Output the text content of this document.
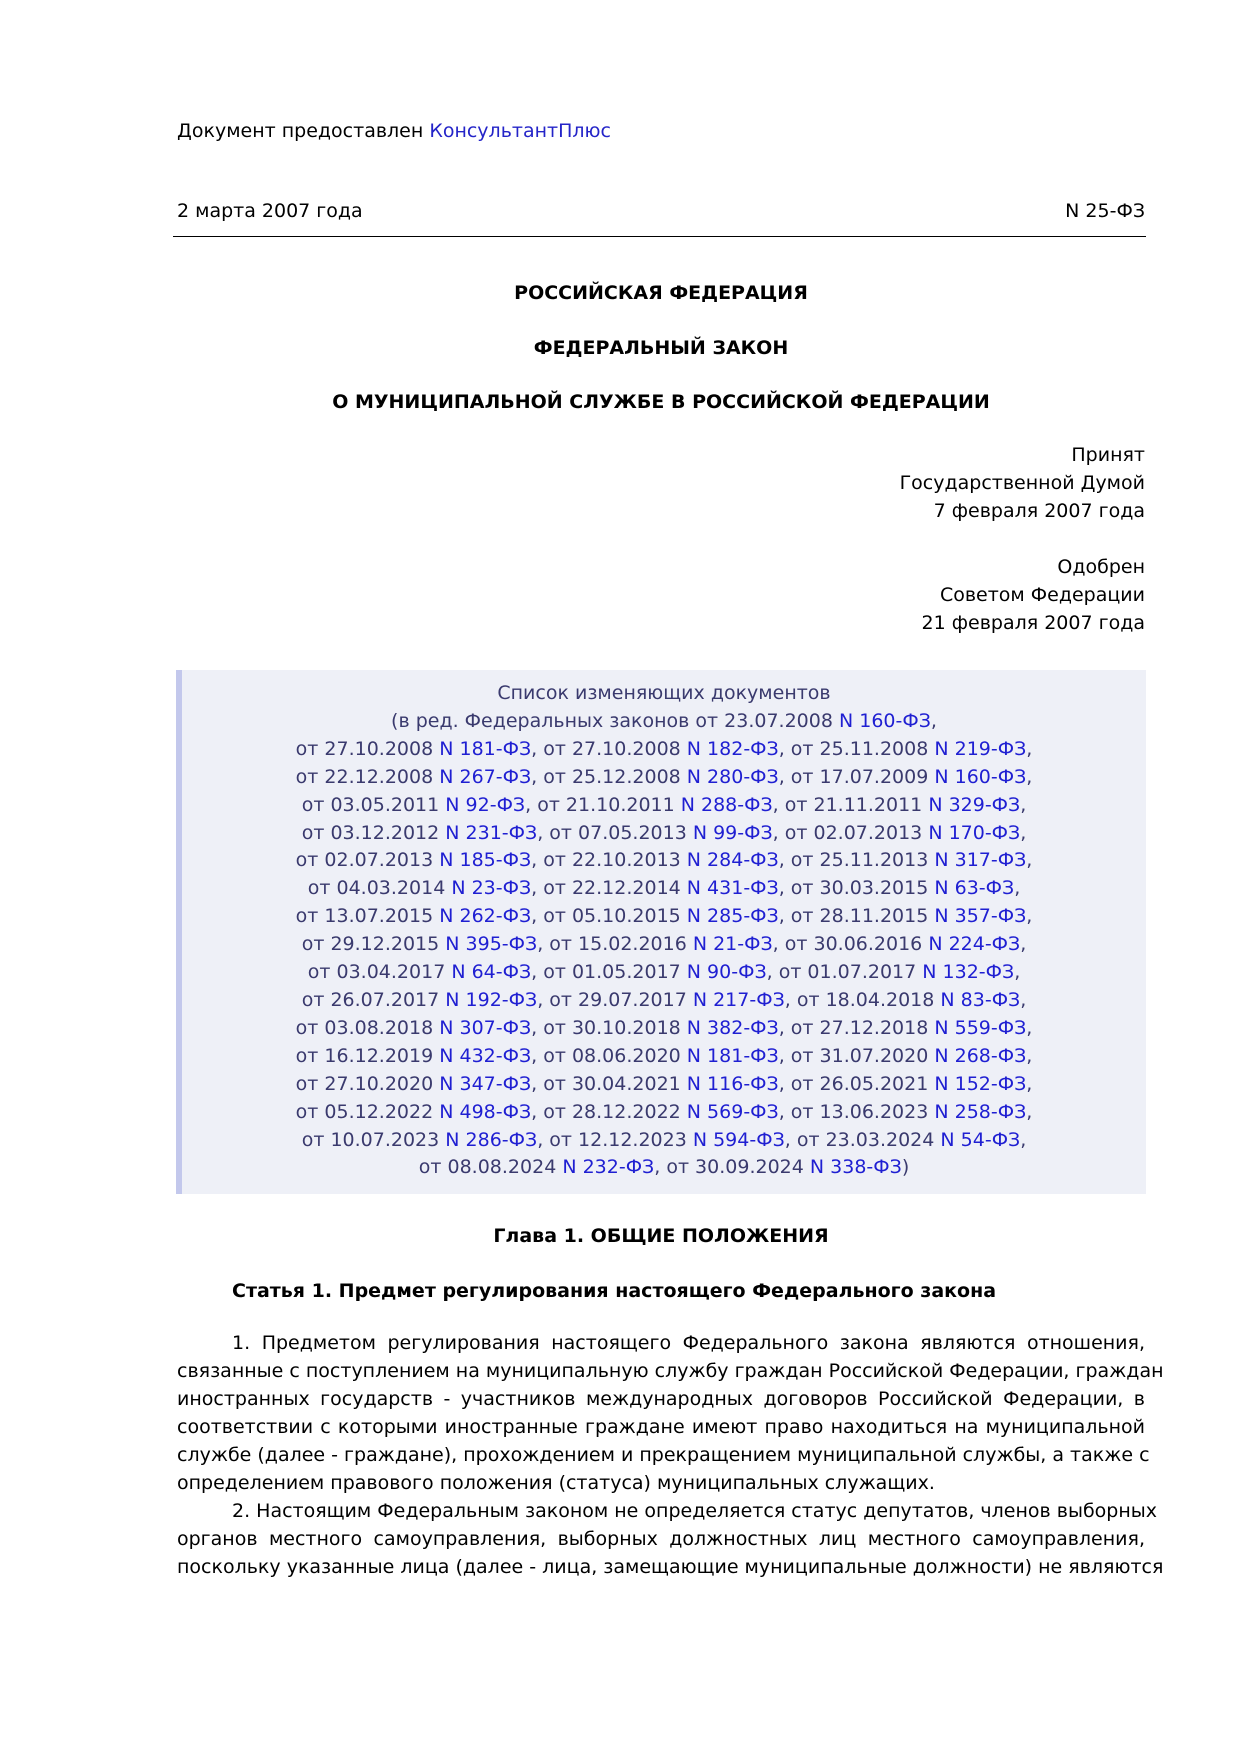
Документ предоставлен КонсультантПлюс
2 марта 2007 года	N 25-ФЗ
РОССИЙСКАЯ ФЕДЕРАЦИЯ
ФЕДЕРАЛЬНЫЙ ЗАКОН
О МУНИЦИПАЛЬНОЙ СЛУЖБЕ В РОССИЙСКОЙ ФЕДЕРАЦИИ
Принят
Государственной Думой
7 февраля 2007 года
Одобрен
Советом Федерации
21 февраля 2007 года
Список изменяющих документов
(в ред. Федеральных законов от 23.07.2008 N 160-ФЗ,
от 27.10.2008 N 181-ФЗ, от 27.10.2008 N 182-ФЗ, от 25.11.2008 N 219-ФЗ,
от 22.12.2008 N 267-ФЗ, от 25.12.2008 N 280-ФЗ, от 17.07.2009 N 160-ФЗ,
от 03.05.2011 N 92-ФЗ, от 21.10.2011 N 288-ФЗ, от 21.11.2011 N 329-ФЗ,
от 03.12.2012 N 231-ФЗ, от 07.05.2013 N 99-ФЗ, от 02.07.2013 N 170-ФЗ,
от 02.07.2013 N 185-ФЗ, от 22.10.2013 N 284-ФЗ, от 25.11.2013 N 317-ФЗ,
от 04.03.2014 N 23-ФЗ, от 22.12.2014 N 431-ФЗ, от 30.03.2015 N 63-ФЗ,
от 13.07.2015 N 262-ФЗ, от 05.10.2015 N 285-ФЗ, от 28.11.2015 N 357-ФЗ,
от 29.12.2015 N 395-ФЗ, от 15.02.2016 N 21-ФЗ, от 30.06.2016 N 224-ФЗ,
от 03.04.2017 N 64-ФЗ, от 01.05.2017 N 90-ФЗ, от 01.07.2017 N 132-ФЗ,
от 26.07.2017 N 192-ФЗ, от 29.07.2017 N 217-ФЗ, от 18.04.2018 N 83-ФЗ,
от 03.08.2018 N 307-ФЗ, от 30.10.2018 N 382-ФЗ, от 27.12.2018 N 559-ФЗ,
от 16.12.2019 N 432-ФЗ, от 08.06.2020 N 181-ФЗ, от 31.07.2020 N 268-ФЗ,
от 27.10.2020 N 347-ФЗ, от 30.04.2021 N 116-ФЗ, от 26.05.2021 N 152-ФЗ,
от 05.12.2022 N 498-ФЗ, от 28.12.2022 N 569-ФЗ, от 13.06.2023 N 258-ФЗ,
от 10.07.2023 N 286-ФЗ, от 12.12.2023 N 594-ФЗ, от 23.03.2024 N 54-ФЗ,
от 08.08.2024 N 232-ФЗ, от 30.09.2024 N 338-ФЗ)
Глава 1. ОБЩИЕ ПОЛОЖЕНИЯ
Статья 1. Предмет регулирования настоящего Федерального закона
1. Предметом регулирования настоящего Федерального закона являются отношения,
связанные с поступлением на муниципальную службу граждан Российской Федерации, граждан
иностранных государств - участников международных договоров Российской Федерации, в
соответствии с которыми иностранные граждане имеют право находиться на муниципальной
службе (далее - граждане), прохождением и прекращением муниципальной службы, а также с
определением правового положения (статуса) муниципальных служащих.
2. Настоящим Федеральным законом не определяется статус депутатов, членов выборных
органов местного самоуправления, выборных должностных лиц местного самоуправления,
поскольку указанные лица (далее - лица, замещающие муниципальные должности) не являются
